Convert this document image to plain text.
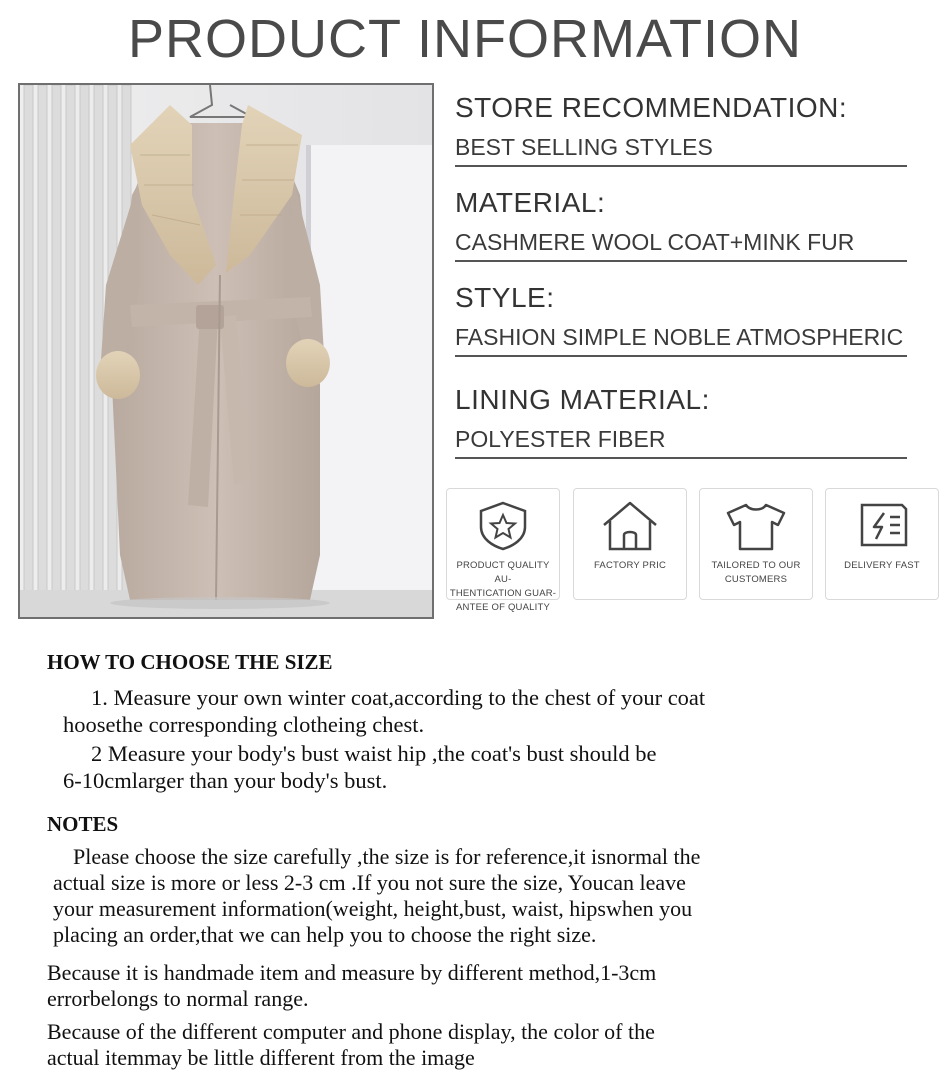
PRODUCT INFORMATION
STORE RECOMMENDATION:
BEST SELLING STYLES
MATERIAL:
CASHMERE WOOL COAT+MINK FUR
STYLE:
FASHION SIMPLE NOBLE ATMOSPHERIC
LINING MATERIAL:
POLYESTER FIBER
PRODUCT QUALITY AU-
THENTICATION GUAR-
ANTEE OF QUALITY
FACTORY PRIC	TAILORED TO OUR
CUSTOMERS
DELIVERY FAST
HOW TO CHOOSE THE SIZE
1. Measure your own winter coat,according to the chest of your coat
hoosethe corresponding clotheing chest.
2 Measure your body's bust waist hip ,the coat's bust should be
6-10cmlarger than your body's bust.
NOTES
Please choose the size carefully ,the size is for reference,it isnormal the
actual size is more or less 2-3 cm .If you not sure the size, Youcan leave
your measurement information(weight, height,bust, waist, hipswhen you
placing an order,that we can help you to choose the right size.
Because it is handmade item and measure by different method,1-3cm
errorbelongs to normal range.
Because of the different computer and phone display, the color of the
actual itemmay be little different from the image
